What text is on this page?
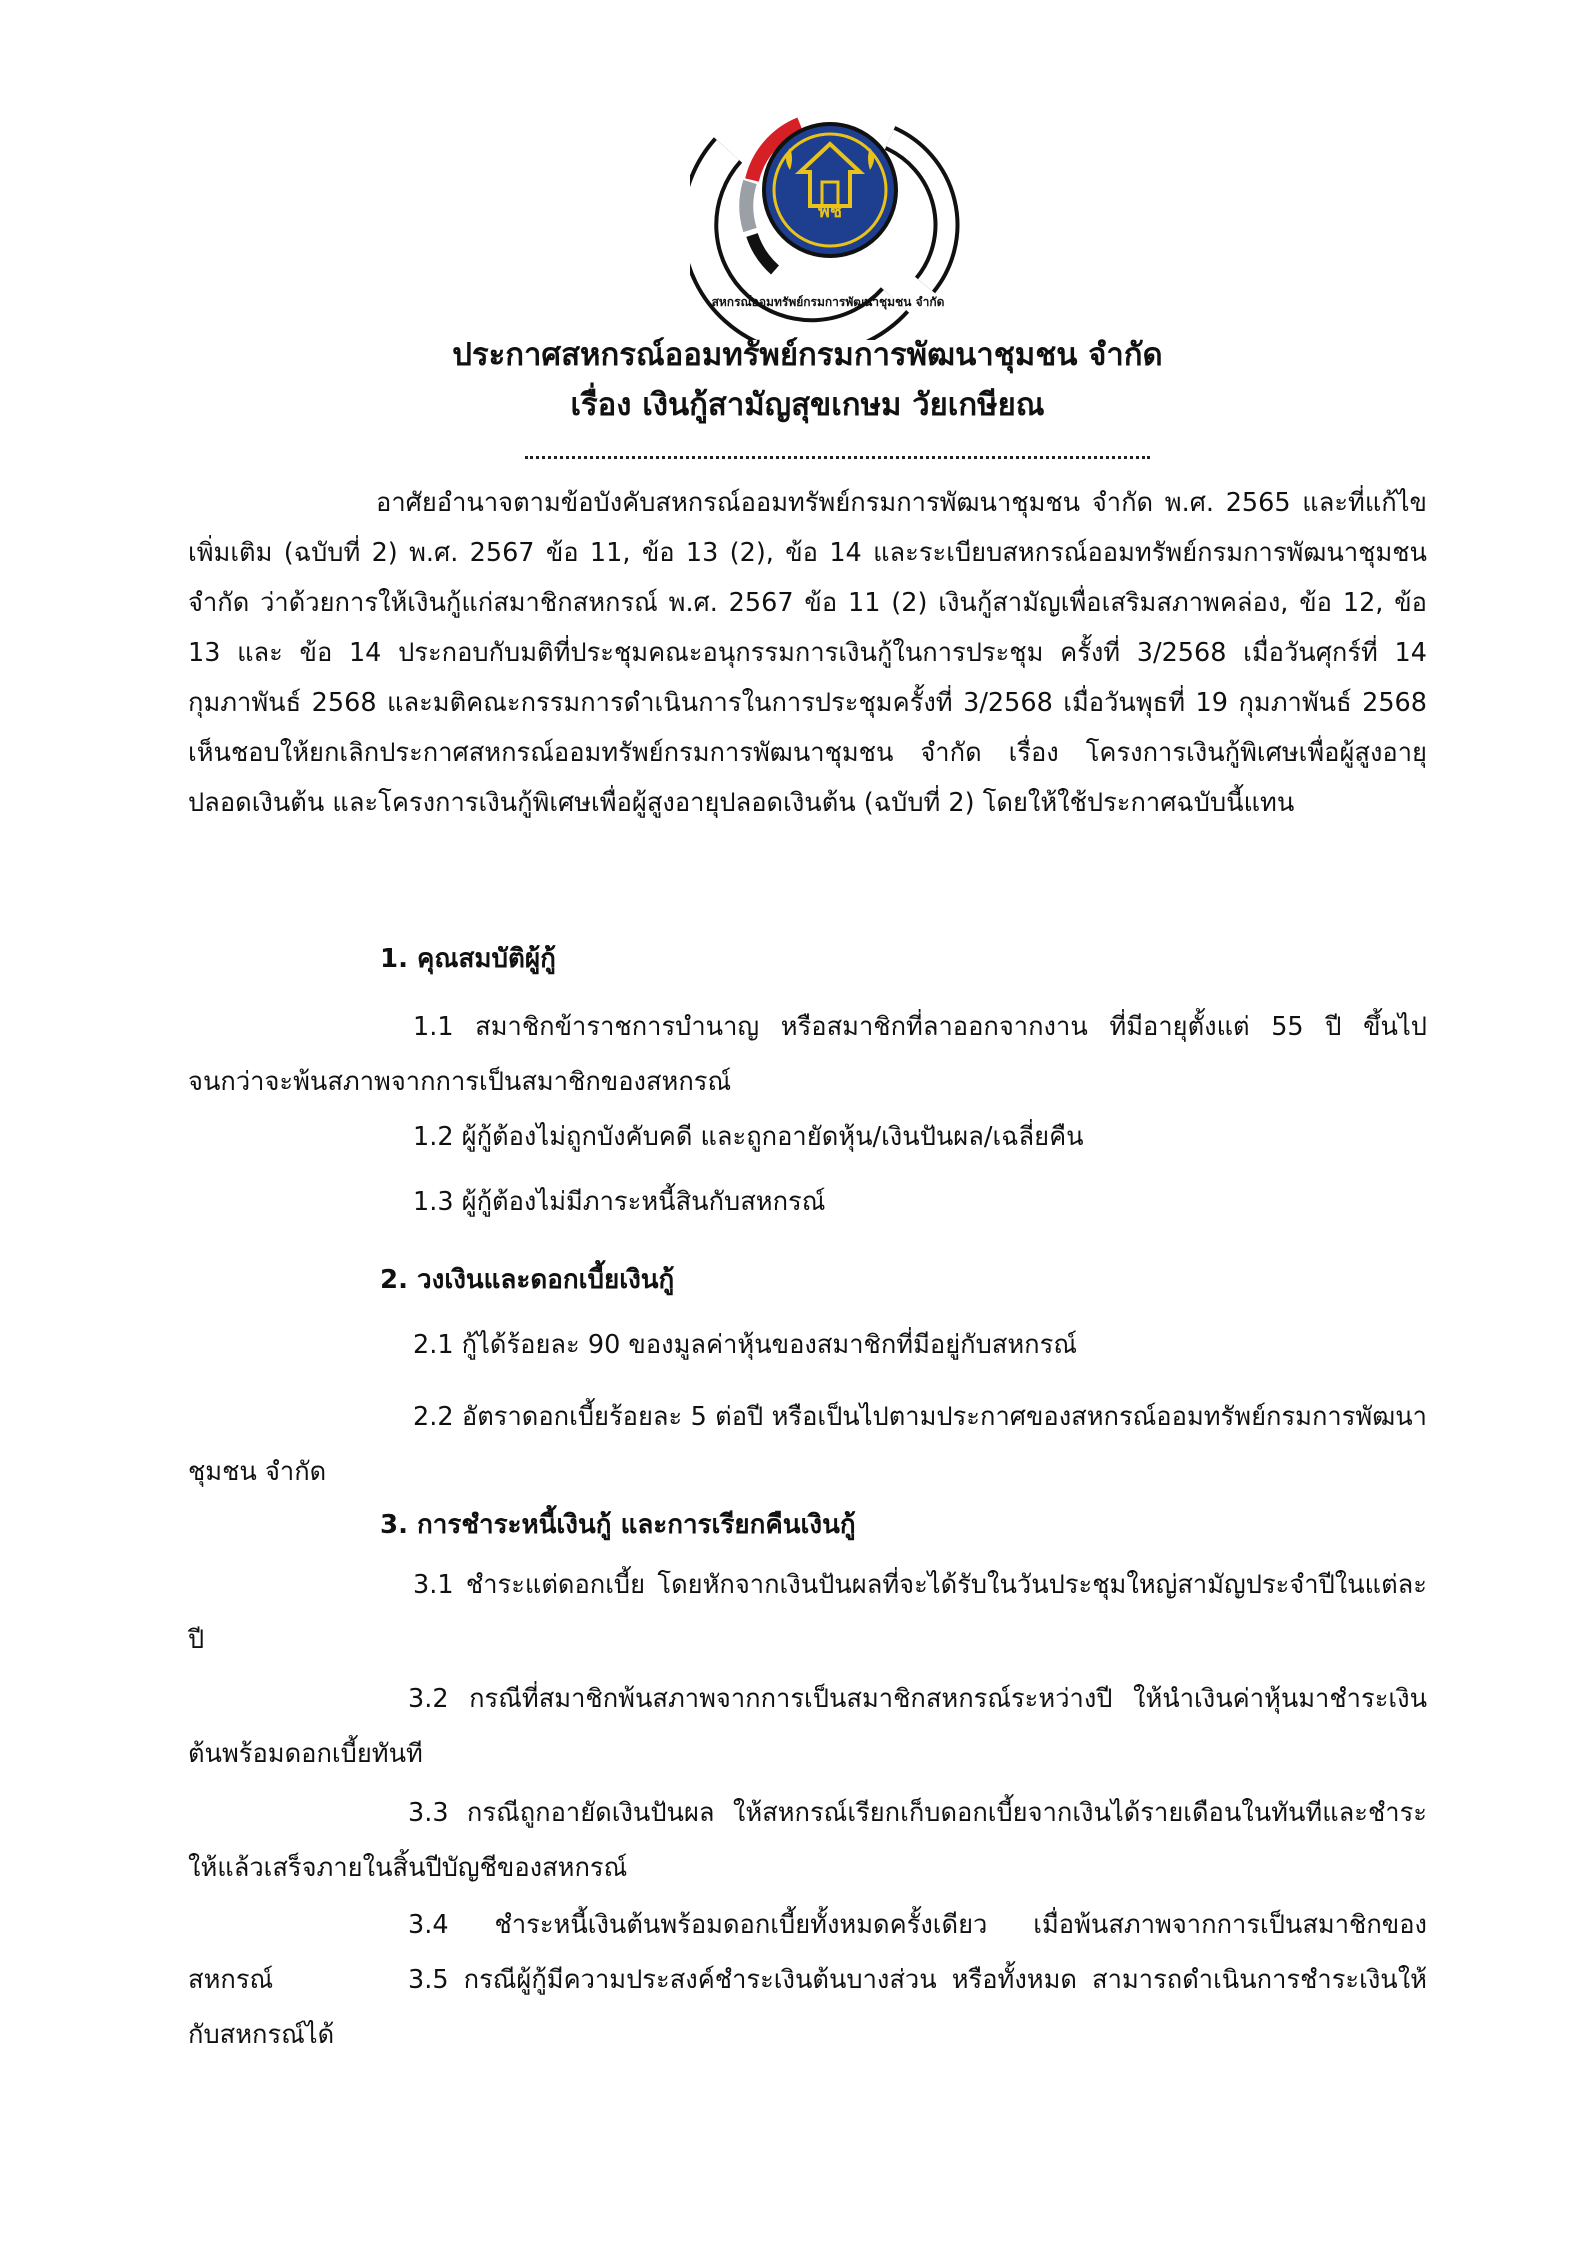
สหกรณ์ออมทรัพย์กรมการพัฒนาชุมชน จำกัด
พช

ประกาศสหกรณ์ออมทรัพย์กรมการพัฒนาชุมชน จำกัด

เรื่อง เงินกู้สามัญสุขเกษม วัยเกษียณ

อาศัยอำนาจตามข้อบังคับสหกรณ์ออมทรัพย์กรมการพัฒนาชุมชน จำกัด พ.ศ. 2565 และที่แก้ไขเพิ่มเติม (ฉบับที่ 2) พ.ศ. 2567 ข้อ 11, ข้อ 13 (2), ข้อ 14 และระเบียบสหกรณ์ออมทรัพย์กรมการพัฒนาชุมชน จำกัด ว่าด้วยการให้เงินกู้แก่สมาชิกสหกรณ์ พ.ศ. 2567 ข้อ 11 (2) เงินกู้สามัญเพื่อเสริมสภาพคล่อง, ข้อ 12, ข้อ 13 และ ข้อ 14 ประกอบกับมติที่ประชุมคณะอนุกรรมการเงินกู้ในการประชุม ครั้งที่ 3/2568 เมื่อวันศุกร์ที่ 14 กุมภาพันธ์ 2568 และมติคณะกรรมการดำเนินการในการประชุมครั้งที่ 3/2568 เมื่อวันพุธที่ 19 กุมภาพันธ์ 2568 เห็นชอบให้ยกเลิกประกาศสหกรณ์ออมทรัพย์กรมการพัฒนาชุมชน จำกัด เรื่อง โครงการเงินกู้พิเศษเพื่อผู้สูงอายุปลอดเงินต้น และโครงการเงินกู้พิเศษเพื่อผู้สูงอายุปลอดเงินต้น (ฉบับที่ 2) โดยให้ใช้ประกาศฉบับนี้แทน
1. คุณสมบัติผู้กู้
1.1 สมาชิกข้าราชการบำนาญ หรือสมาชิกที่ลาออกจากงาน ที่มีอายุตั้งแต่ 55 ปี ขึ้นไป จนกว่าจะพ้นสภาพจากการเป็นสมาชิกของสหกรณ์
1.2 ผู้กู้ต้องไม่ถูกบังคับคดี และถูกอายัดหุ้น/เงินปันผล/เฉลี่ยคืน
1.3 ผู้กู้ต้องไม่มีภาระหนี้สินกับสหกรณ์
2. วงเงินและดอกเบี้ยเงินกู้
2.1 กู้ได้ร้อยละ 90 ของมูลค่าหุ้นของสมาชิกที่มีอยู่กับสหกรณ์
2.2 อัตราดอกเบี้ยร้อยละ 5 ต่อปี หรือเป็นไปตามประกาศของสหกรณ์ออมทรัพย์กรมการพัฒนาชุมชน จำกัด
3. การชำระหนี้เงินกู้ และการเรียกคืนเงินกู้
3.1 ชำระแต่ดอกเบี้ย โดยหักจากเงินปันผลที่จะได้รับในวันประชุมใหญ่สามัญประจำปีในแต่ละปี
3.2 กรณีที่สมาชิกพ้นสภาพจากการเป็นสมาชิกสหกรณ์ระหว่างปี ให้นำเงินค่าหุ้นมาชำระเงินต้นพร้อมดอกเบี้ยทันที
3.3 กรณีถูกอายัดเงินปันผล ให้สหกรณ์เรียกเก็บดอกเบี้ยจากเงินได้รายเดือนในทันทีและชำระให้แล้วเสร็จภายในสิ้นปีบัญชีของสหกรณ์
3.4 ชำระหนี้เงินต้นพร้อมดอกเบี้ยทั้งหมดครั้งเดียว เมื่อพ้นสภาพจากการเป็นสมาชิกของสหกรณ์	3.5 กรณีผู้กู้มีความประสงค์ชำระเงินต้นบางส่วน หรือทั้งหมด สามารถดำเนินการชำระเงินให้กับสหกรณ์ได้
